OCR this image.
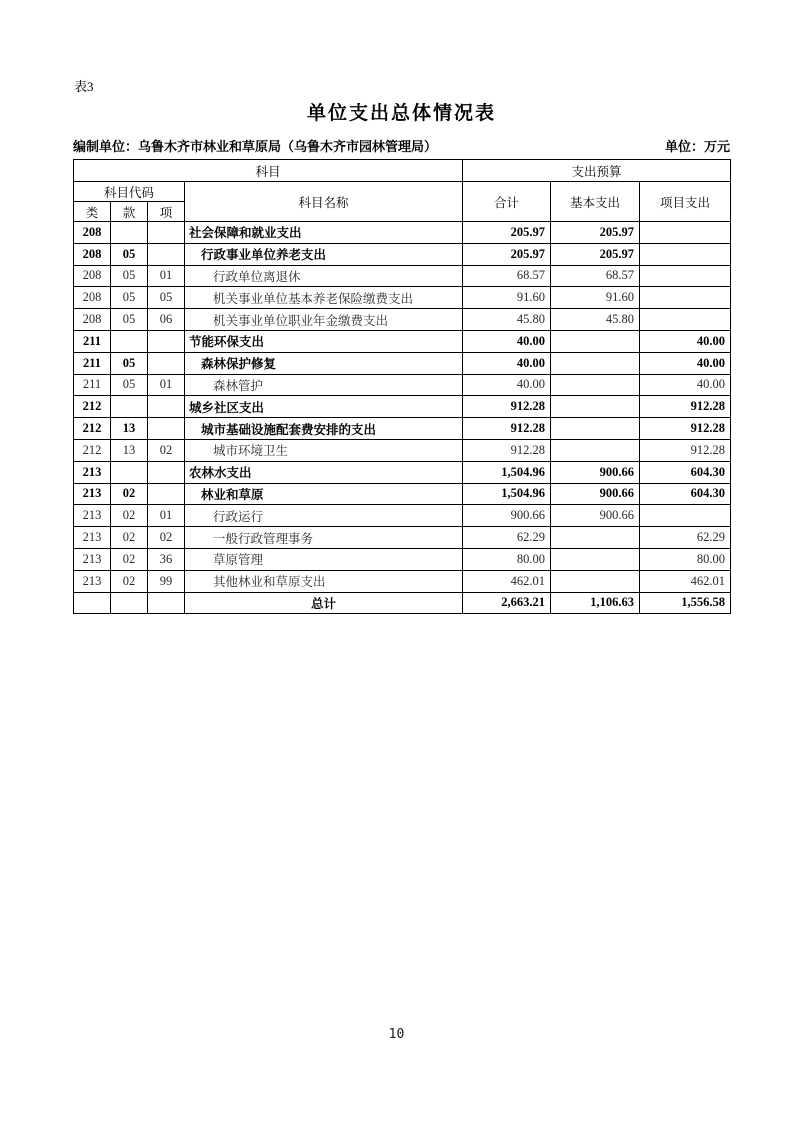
表3
单位支出总体情况表
编制单位：乌鲁木齐市林业和草原局（乌鲁木齐市园林管理局）	单位：万元
科目				支出预算		
科目代码			科目名称	合计	基本支出	项目支出
类	款	项				
208			社会保障和就业支出	205.97	205.97	
208	05		行政事业单位养老支出	205.97	205.97	
208	05	01	行政单位离退休	68.57	68.57	
208	05	05	机关事业单位基本养老保险缴费支出	91.60	91.60	
208	05	06	机关事业单位职业年金缴费支出	45.80	45.80	
211			节能环保支出	40.00		40.00
211	05		森林保护修复	40.00		40.00
211	05	01	森林管护	40.00		40.00
212			城乡社区支出	912.28		912.28
212	13		城市基础设施配套费安排的支出	912.28		912.28
212	13	02	城市环境卫生	912.28		912.28
213			农林水支出	1,504.96	900.66	604.30
213	02		林业和草原	1,504.96	900.66	604.30
213	02	01	行政运行	900.66	900.66	
213	02	02	一般行政管理事务	62.29		62.29
213	02	36	草原管理	80.00		80.00
213	02	99	其他林业和草原支出	462.01		462.01
			总计	2,663.21	1,106.63	1,556.58
10
